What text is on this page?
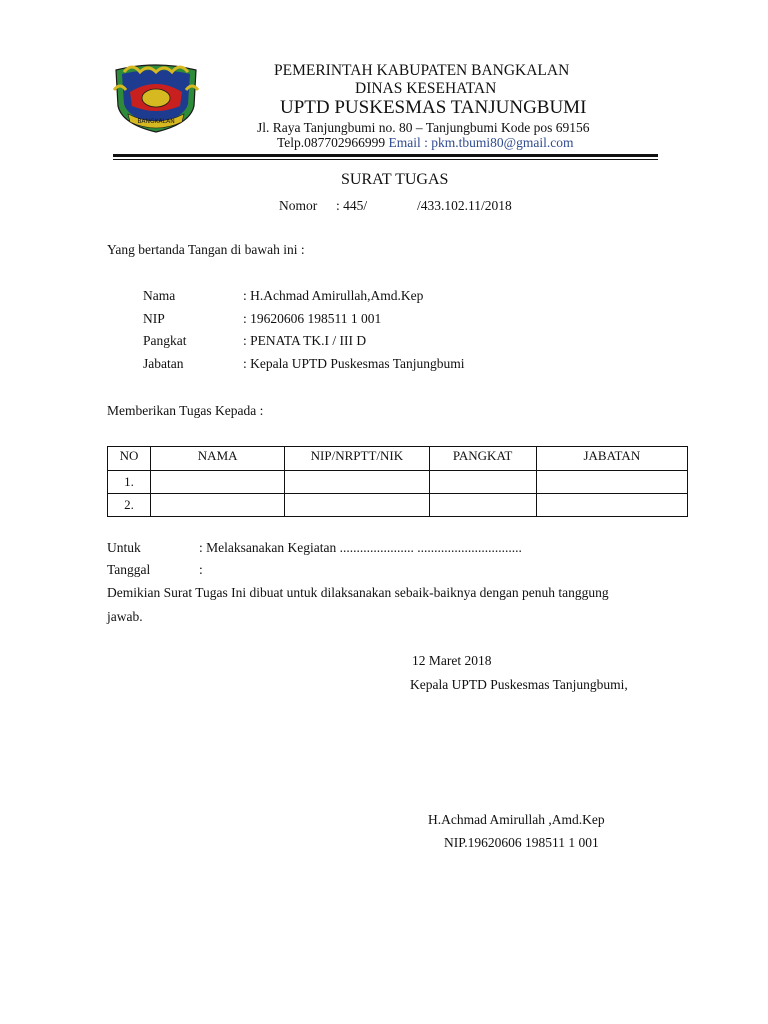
BANGKALAN
PEMERINTAH KABUPATEN BANGKALAN
DINAS KESEHATAN
UPTD PUSKESMAS TANJUNGBUMI
Jl. Raya Tanjungbumi no. 80 – Tanjungbumi Kode pos 69156
Telp.087702966999 Email : pkm.tbumi80@gmail.com
SURAT TUGAS
Nomor : 445/	/433.102.11/2018
Yang bertanda Tangan di bawah ini :
Nama	: H.Achmad Amirullah,Amd.Kep
NIP	: 19620606 198511 1 001
Pangkat	: PENATA TK.I / III D
Jabatan	: Kepala UPTD Puskesmas Tanjungbumi
Memberikan Tugas Kepada :
NO	NAMA	NIP/NRPTT/NIK	PANGKAT	JABATAN
1.				
2.				
Untuk	: Melaksanakan Kegiatan ...................... ...............................
Tanggal	:
Demikian Surat Tugas Ini dibuat untuk dilaksanakan sebaik-baiknya dengan penuh tanggung
jawab.
12 Maret 2018
Kepala UPTD Puskesmas Tanjungbumi,
H.Achmad Amirullah ,Amd.Kep
NIP.19620606 198511 1 001
